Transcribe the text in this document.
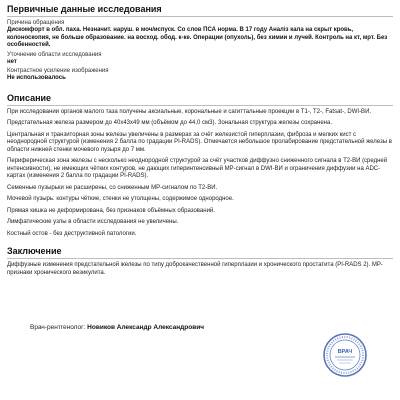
Первичные данные исследования
Причина обращения
Дискомфорт в обл. паха. Незначит. наруш. в моч/испуск. Со слов ПСА норма. В 17 году Аналіз кала на скрыт кровь, колоноскопия, не больше образование. на восход. обод. к-ке. Операции (опухоль), без химии и лучей. Контроль на кт, мрт. Без особенностей.
Уточнение области исследования
нет
Контрастное усиление изображения
Не использовалось
Описание

При исследовании органов малого таза получены аксиальные, корональные и сагиттальные проекции в T1-, T2-, Fatsat-, DWI-ВИ.

Предстательная железа размером до 40х43х49 мм (объёмом до 44,0 см3). Зональная структура железы сохранена.

Центральная и транзиторная зоны железы увеличены в размерах за счёт железистой гиперплазии, фиброза и мелких кист с неоднородной структурой (изменения 2 балла по градации PI-RADS). Отмечается небольшое пролабирование предстательной железы в области нижней стенки мочевого пузыря до 7 мм.

Периферическая зона железы с несколько неоднородной структурой за счёт участков диффузно сниженного сигнала в Т2-ВИ (средней интенсивности), не имеющих чётких контуров, не дающих гиперинтенсивный МР-сигнал в DWI-ВИ и ограничения диффузии на ADC-картах (изменения 2 балла по градации PI-RADS).

Семенные пузырьки не расширены, со сниженным МР-сигналом по Т2-ВИ.

Мочевой пузырь: контуры чёткие, стенки не утолщены, содержимое однородное.

Прямая кишка не деформирована, без признаков объёмных образований.

Лимфатические узлы в области исследования не увеличены.

Костный остов - без деструктивной патологии.

Заключение

Диффузные изменения предстательной железы по типу доброкачественной гиперплазии и хронического простатита (PI-RADS 2). МР-признаки хронического везикулита.

Врач-рентгенолог: Новиков Александр Александрович
ВРАЧ
